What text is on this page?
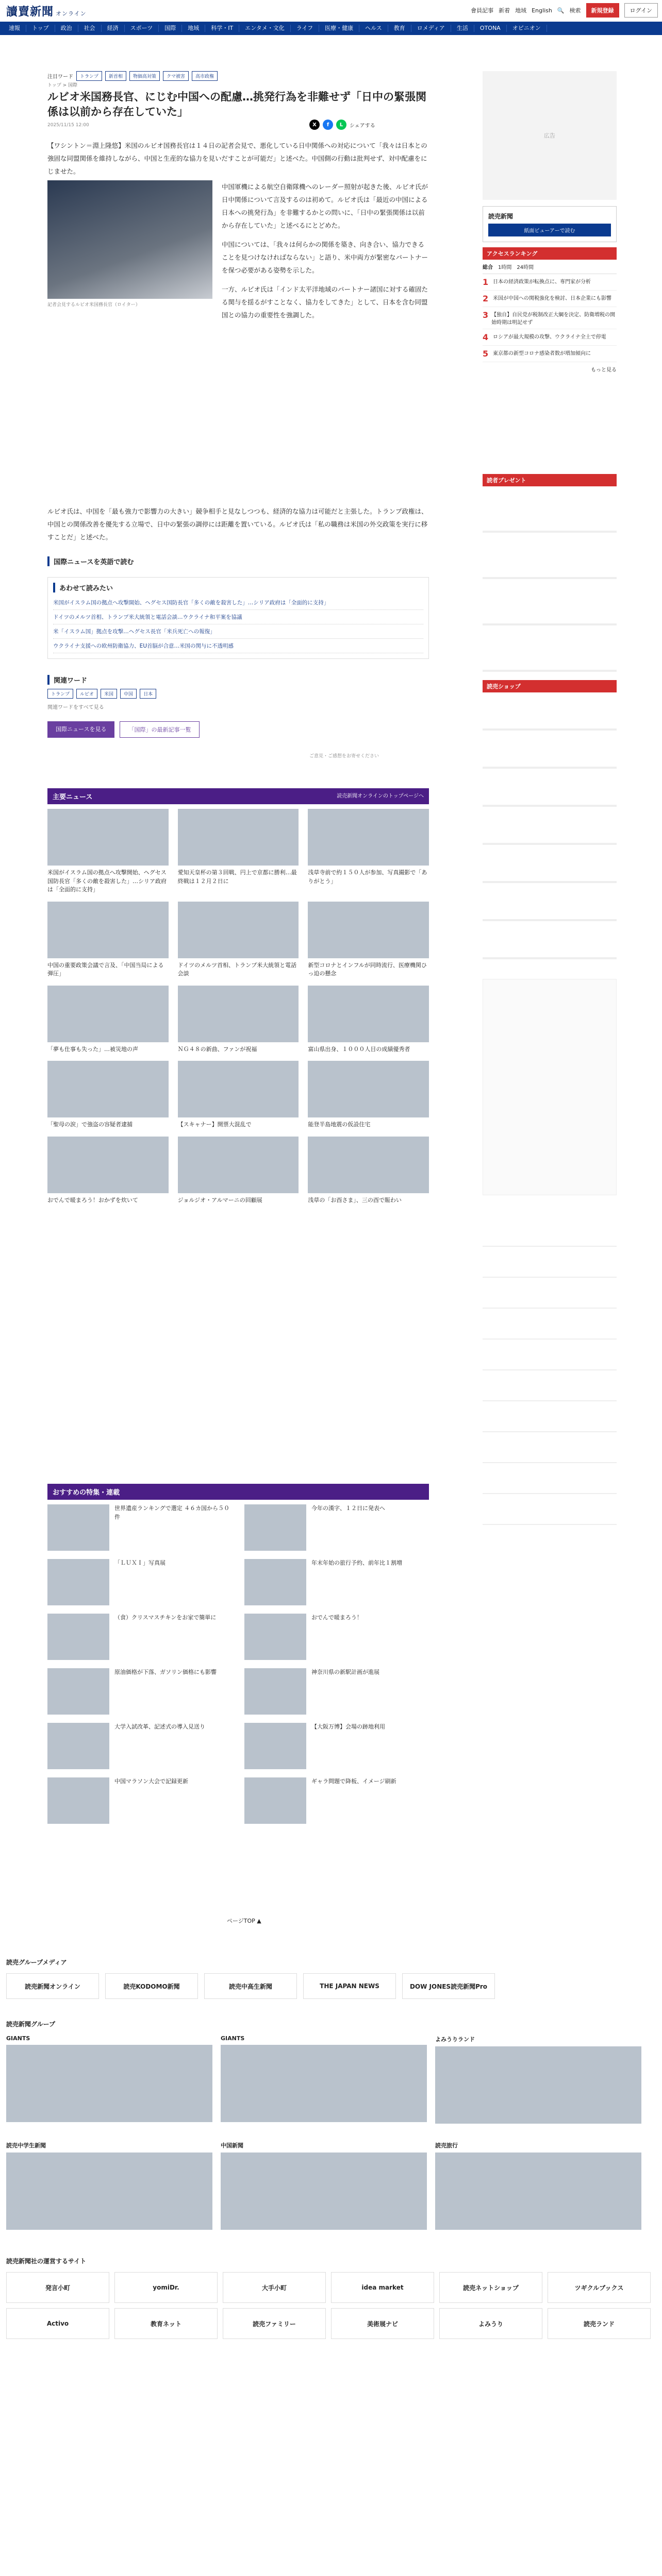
讀賣新聞 オンライン	會員記事 新着 地域 English 🔍 検索	新規登録	ログイン
速報	トップ	政治	社会	経済	スポーツ	国際	地域	科学・IT	エンタメ・文化	ライフ	医療・健康	ヘルス	教育	ロメディア	生活	OTONA	オピニオン
注目ワード	トランプ	新首相	物価高対策	クマ被害	高市政権
トップ > 国際
ルビオ米国務長官、にじむ中国への配慮…挑発行為を非難せず「日中の緊張関係は以前から存在していた」
2025/11/15 12:00	X	f	L	シェアする

【ワシントン＝淵上隆悠】米国のルビオ国務長官は１４日の記者会見で、悪化している日中関係への対応について「我々は日本との強固な同盟関係を維持しながら、中国と生産的な協力を見いだすことが可能だ」と述べた。中国側の行動は批判せず、対中配慮をにじませた。

記者会見するルビオ米国務長官（ロイター）

中国軍機による航空自衛隊機へのレーダー照射が起きた後、ルビオ氏が日中関係について言及するのは初めて。ルビオ氏は「最近の中国による日本への挑発行為」を非難するかとの問いに、「日中の緊張関係は以前から存在していた」と述べるにとどめた。

中国については、「我々は何らかの関係を築き、向き合い、協力できることを見つけなければならない」と語り、米中両方が緊密なパートナーを保つ必要がある姿勢を示した。

一方、ルビオ氏は「インド太平洋地域のパートナー諸国に対する確固たる関与を揺るがすことなく、協力をしてきた」として、日本を含む同盟国との協力の重要性を強調した。

ルビオ氏は、中国を「最も強力で影響力の大きい」競争相手と見なしつつも、経済的な協力は可能だと主張した。トランプ政権は、中国との関係改善を優先する立場で、日中の緊張の調停には距離を置いている。ルビオ氏は「私の職務は米国の外交政策を実行に移すことだ」と述べた。

国際ニュースを英語で読む
あわせて読みたい
米国がイスラム国の拠点へ攻撃開始、ヘグセス国防長官「多くの敵を殺害した」…シリア政府は「全面的に支持」
ドイツのメルツ首相、トランプ米大統領と電話会談…ウクライナ和平案を協議
米「イスラム国」拠点を攻撃…ヘグセス長官「米兵死亡への報復」
ウクライナ支援への欧州防衛協力、EU首脳が合意…米国の関与に不透明感
関連ワード
トランプ	ルビオ	米国	中国	日本
関連ワードをすべて見る
国際ニュースを見る	「国際」の最新記事一覧
ご意見・ご感想をお寄せください
主要ニュース	読売新聞オンラインのトップページへ
米国がイスラム国の拠点へ攻撃開始、ヘグセス国防長官「多くの敵を殺害した」…シリア政府は「全面的に支持」
愛知天皇杯の第３回戦、円上で京都に勝利…最終戦は１２月２日に
浅草寺前で約１５０人が参加、写真撮影で「ありがとう」
中国の重要政策会議で言及、「中国当局による弾圧」
ドイツのメルツ首相、トランプ米大統領と電話会談
新型コロナとインフルが同時流行、医療機関ひっ迫の懸念
「夢も仕事も失った」…被災地の声	ＮＧ４８の新曲、ファンが祝福	富山県出身、１０００人目の成績優秀者
「聖母の涙」で強盗の容疑者逮捕	【スキャナー】開票大混乱で	能登半島地震の仮設住宅
おでんで暖まろう！おかずを炊いて	ジョルジオ・アルマーニの回顧展	浅草の「お酉さま」、三の酉で賑わい
おすすめの特集・連載
世界遺産ランキングで選定 ４６カ国から５０件
今年の漢字、１２日に発表へ
「ＬＵＸＩ」写真展	年末年始の旅行予約、前年比１割増
（食）クリスマスチキンをお家で簡単に	おでんで暖まろう！
原油価格が下落、ガソリン価格にも影響	神奈川県の新駅計画が進展
大学入試改革、記述式の導入見送り	【大阪万博】会場の跡地利用
中国マラソン大会で記録更新	ギャラ問題で降板、イメージ刷新
ページTOP ▲
広告
読売新聞
紙面ビューアーで読む
アクセスランキング
総合 1時間 24時間
1 日本の経済政策が転換点に、専門家が分析
2 米国が中国への関税強化を検討、日本企業にも影響
3 【独自】自民党が税制改正大綱を決定、防衛増税の開始時期は明記せず
4 ロシアが最大規模の攻撃、ウクライナ全土で停電
5 東京都の新型コロナ感染者数が増加傾向に
もっと見る
読者プレゼント
読売ショップ
読売グループメディア
読売新聞オンライン	読売KODOMO新聞	読売中高生新聞	THE JAPAN NEWS	DOW JONES読売新聞Pro
読売新聞グループ
GIANTS	GIANTS	よみうりランド
読売中学生新聞	中国新聞	読売旅行
読売新聞社の運営するサイト
発言小町	yomiDr.	大手小町	idea market	読売ネットショップ	ツギクルブックス
Activo	教育ネット	読売ファミリー	美術展ナビ	よみうり	読売ランド
